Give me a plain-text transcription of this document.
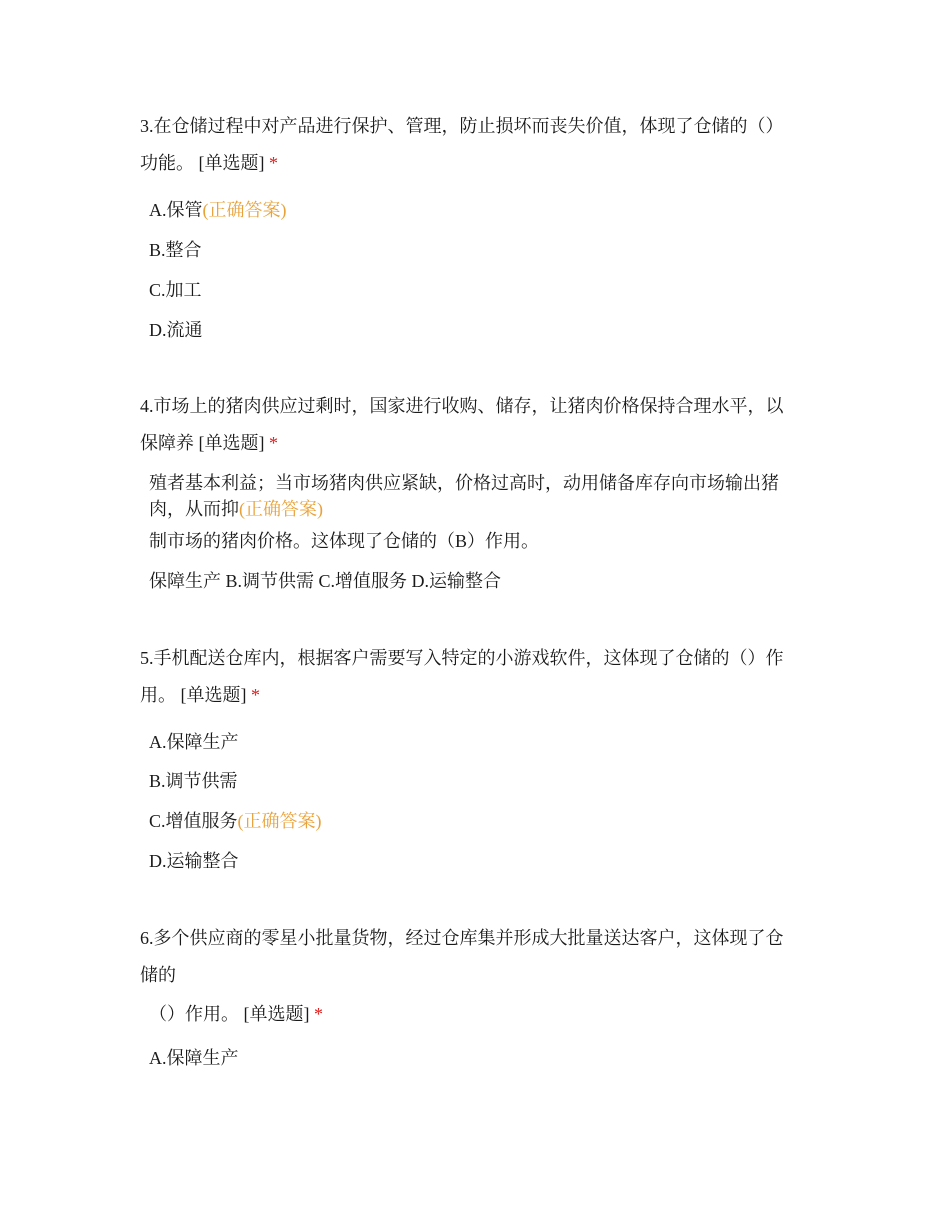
3.在仓储过程中对产品进行保护、管理，防止损坏而丧失价值，体现了仓储的（）
功能。 [单选题] *
A.保管(正确答案)
B.整合
C.加工
D.流通
4.市场上的猪肉供应过剩时，国家进行收购、储存，让猪肉价格保持合理水平，以
保障养 [单选题] *
殖者基本利益；当市场猪肉供应紧缺，价格过高时，动用储备库存向市场输出猪肉，从而抑(正确答案)
制市场的猪肉价格。这体现了仓储的（B）作用。
保障生产 B.调节供需 C.增值服务 D.运输整合
5.手机配送仓库内，根据客户需要写入特定的小游戏软件，这体现了仓储的（）作
用。 [单选题] *
A.保障生产
B.调节供需
C.增值服务(正确答案)
D.运输整合
6.多个供应商的零星小批量货物，经过仓库集并形成大批量送达客户，这体现了仓
储的
（）作用。 [单选题] *
A.保障生产
